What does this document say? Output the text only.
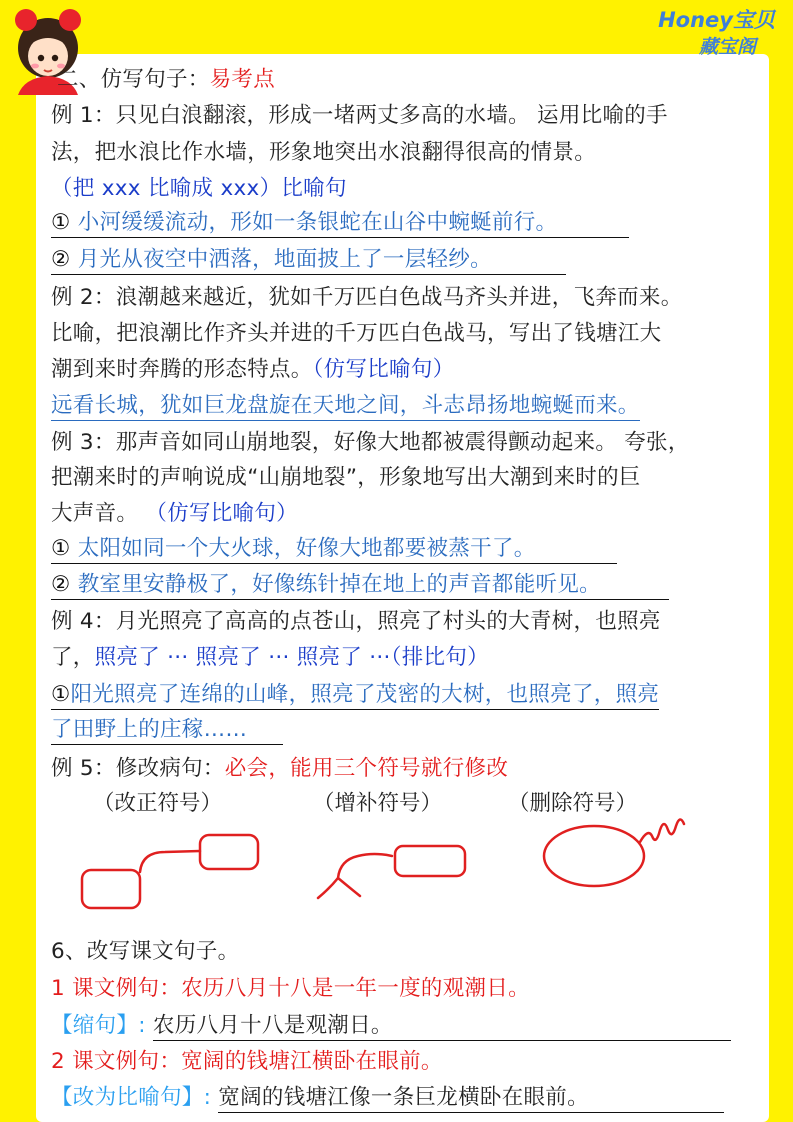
Honey宝贝
藏宝阁
二、仿写句子：易考点
例 1：只见白浪翻滚，形成一堵两丈多高的水墙。 运用比喻的手
法，把水浪比作水墙，形象地突出水浪翻得很高的情景。
（把 xxx 比喻成 xxx）比喻句
① 小河缓缓流动，形如一条银蛇在山谷中蜿蜒前行。
② 月光从夜空中洒落，地面披上了一层轻纱。
例 2：浪潮越来越近，犹如千万匹白色战马齐头并进，飞奔而来。
比喻，把浪潮比作齐头并进的千万匹白色战马，写出了钱塘江大
潮到来时奔腾的形态特点。（仿写比喻句）
远看长城，犹如巨龙盘旋在天地之间，斗志昂扬地蜿蜒而来。
例 3：那声音如同山崩地裂，好像大地都被震得颤动起来。 夸张，
把潮来时的声响说成“山崩地裂”，形象地写出大潮到来时的巨
大声音。 （仿写比喻句）
① 太阳如同一个大火球，好像大地都要被蒸干了。
② 教室里安静极了，好像练针掉在地上的声音都能听见。
例 4：月光照亮了高高的点苍山，照亮了村头的大青树，也照亮
了，照亮了 ··· 照亮了 ··· 照亮了 ···（排比句）
①阳光照亮了连绵的山峰，照亮了茂密的大树，也照亮了，照亮
了田野上的庄稼……
例 5：修改病句：必会，能用三个符号就行修改
（改正符号）	（增补符号）	（删除符号）
6、改写课文句子。
1 课文例句：农历八月十八是一年一度的观潮日。
【缩句】: 农历八月十八是观潮日。
2 课文例句：宽阔的钱塘江横卧在眼前。
【改为比喻句】: 宽阔的钱塘江像一条巨龙横卧在眼前。
